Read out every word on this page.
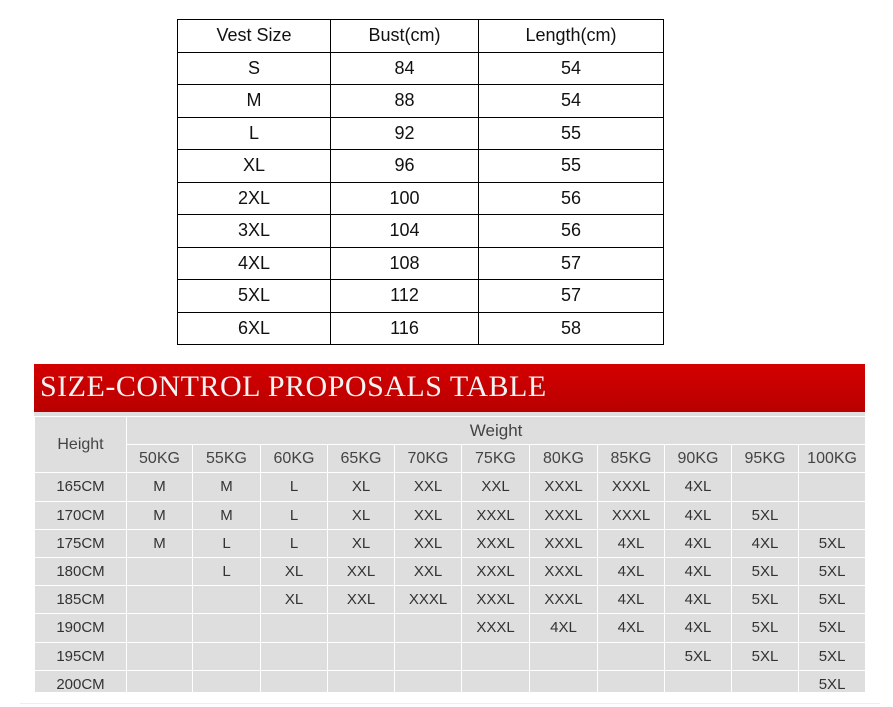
Vest Size	Bust(cm)	Length(cm)
S	84	54
M	88	54
L	92	55
XL	96	55
2XL	100	56
3XL	104	56
4XL	108	57
5XL	112	57
6XL	116	58
SIZE-CONTROL PROPOSALS TABLE
Height	Weight										
	50KG	55KG	60KG	65KG	70KG	75KG	80KG	85KG	90KG	95KG	100KG
165CM	M	M	L	XL	XXL	XXL	XXXL	XXXL	4XL		
170CM	M	M	L	XL	XXL	XXXL	XXXL	XXXL	4XL	5XL	
175CM	M	L	L	XL	XXL	XXXL	XXXL	4XL	4XL	4XL	5XL
180CM		L	XL	XXL	XXL	XXXL	XXXL	4XL	4XL	5XL	5XL
185CM			XL	XXL	XXXL	XXXL	XXXL	4XL	4XL	5XL	5XL
190CM						XXXL	4XL	4XL	4XL	5XL	5XL
195CM									5XL	5XL	5XL
200CM											5XL
